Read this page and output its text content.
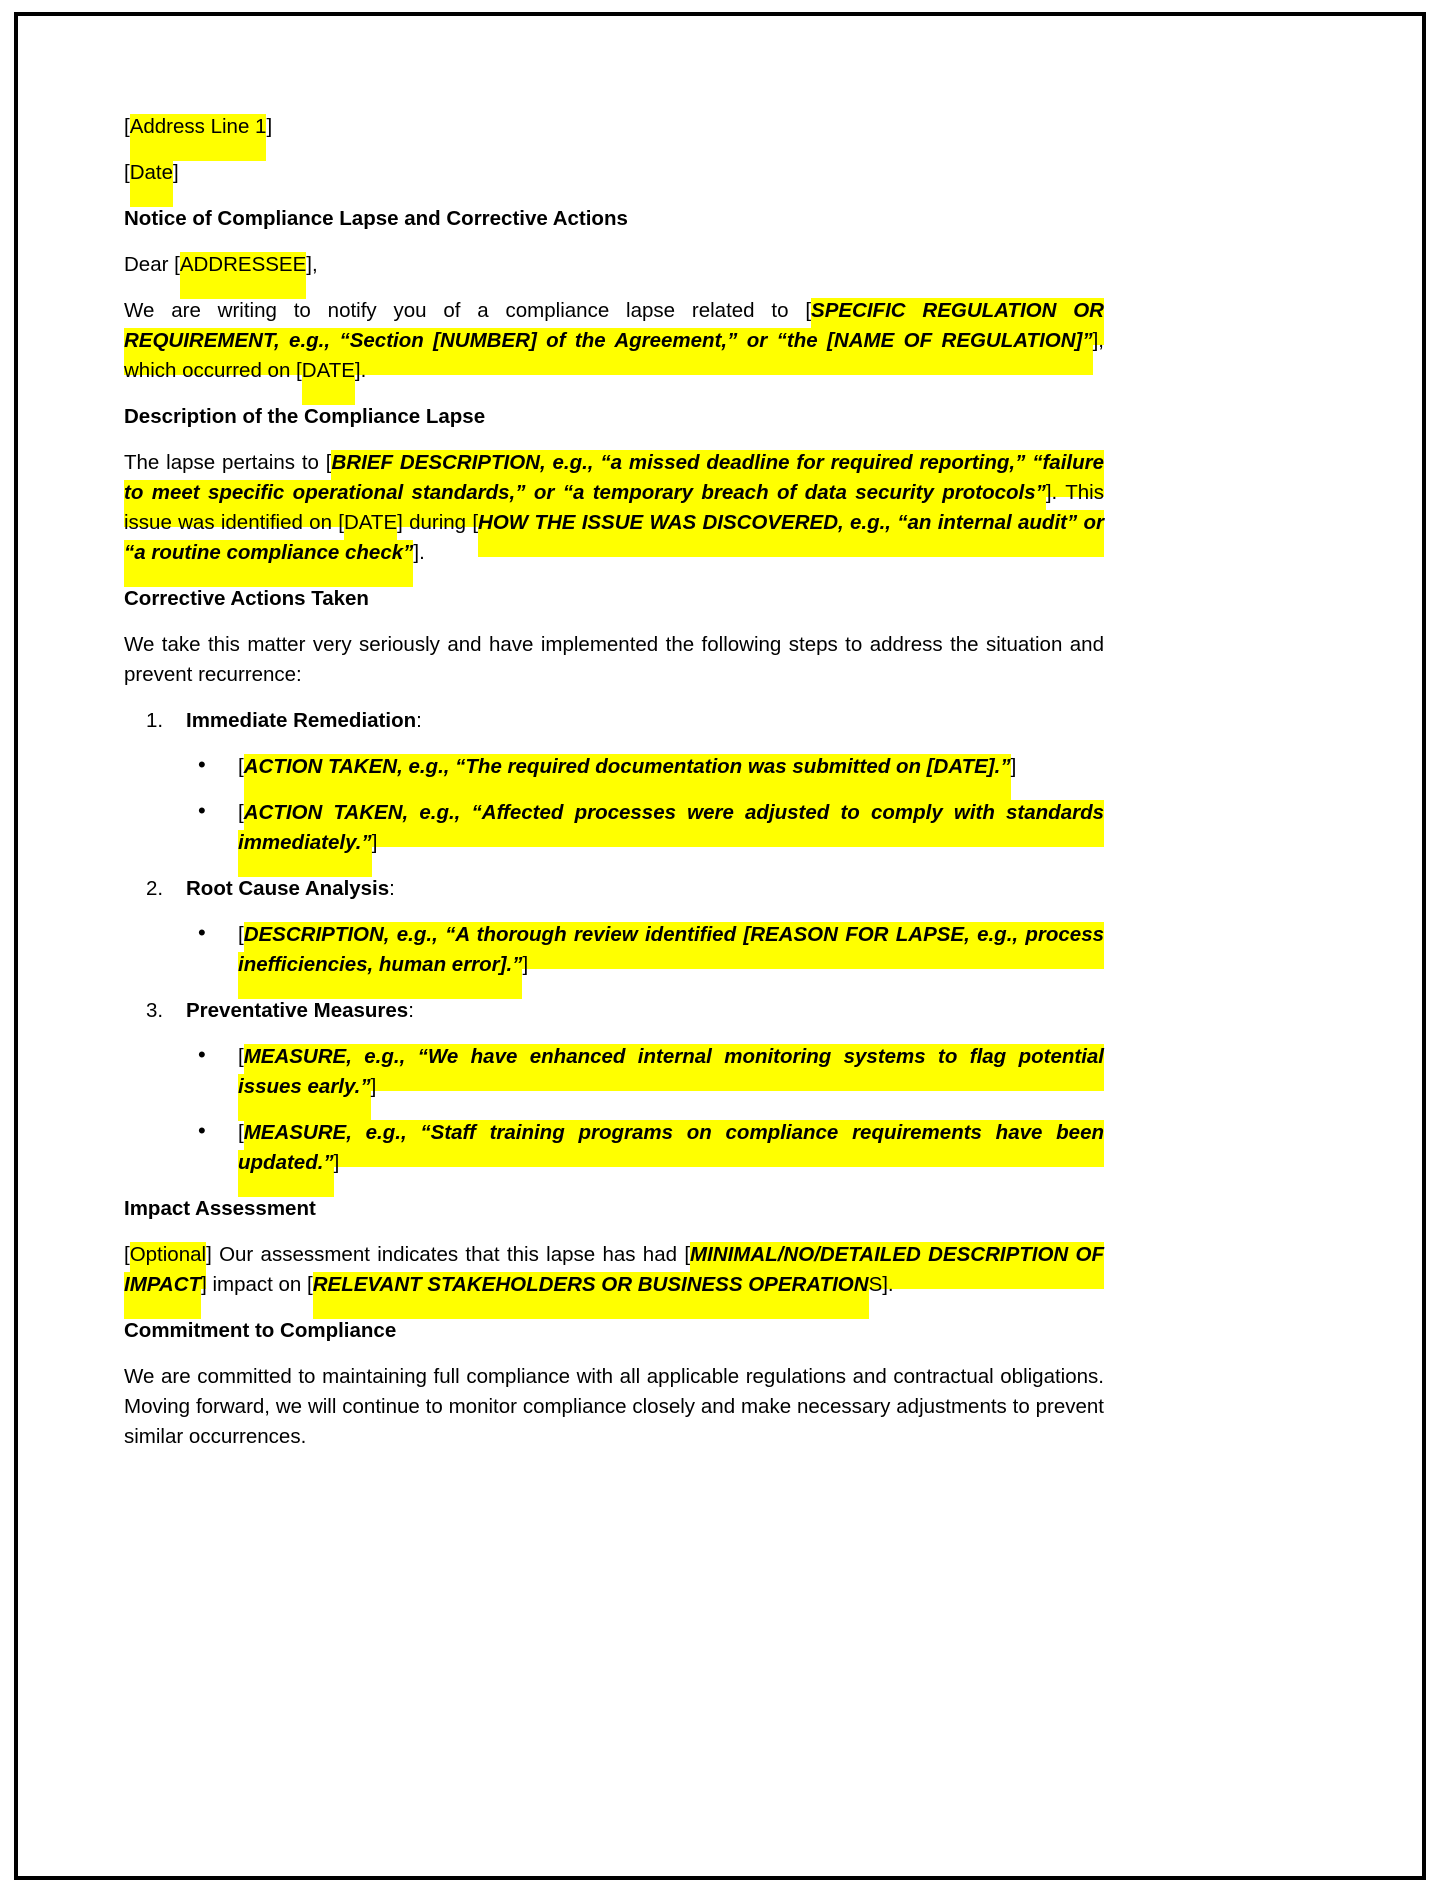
[Address Line 1]

[Date]

Notice of Compliance Lapse and Corrective Actions

Dear [ADDRESSEE],

We are writing to notify you of a compliance lapse related to [SPECIFIC REGULATION OR REQUIREMENT, e.g., “Section [NUMBER] of the Agreement,” or “the [NAME OF REGULATION]”], which occurred on [DATE].

Description of the Compliance Lapse

The lapse pertains to [BRIEF DESCRIPTION, e.g., “a missed deadline for required reporting,” “failure to meet specific operational standards,” or “a temporary breach of data security protocols”]. This issue was identified on [DATE] during [HOW THE ISSUE WAS DISCOVERED, e.g., “an internal audit” or “a routine compliance check”].

Corrective Actions Taken

We take this matter very seriously and have implemented the following steps to address the situation and prevent recurrence:

Immediate Remediation:
• [ACTION TAKEN, e.g., “The required documentation was submitted on [DATE].”]
• [ACTION TAKEN, e.g., “Affected processes were adjusted to comply with standards immediately.”]
Root Cause Analysis:
• [DESCRIPTION, e.g., “A thorough review identified [REASON FOR LAPSE, e.g., process inefficiencies, human error].”]
Preventative Measures:
• [MEASURE, e.g., “We have enhanced internal monitoring systems to flag potential issues early.”]
• [MEASURE, e.g., “Staff training programs on compliance requirements have been updated.”]

Impact Assessment

[Optional] Our assessment indicates that this lapse has had [MINIMAL/NO/DETAILED DESCRIPTION OF IMPACT] impact on [RELEVANT STAKEHOLDERS OR BUSINESS OPERATIONS].

Commitment to Compliance

We are committed to maintaining full compliance with all applicable regulations and contractual obligations. Moving forward, we will continue to monitor compliance closely and make necessary adjustments to prevent similar occurrences.
